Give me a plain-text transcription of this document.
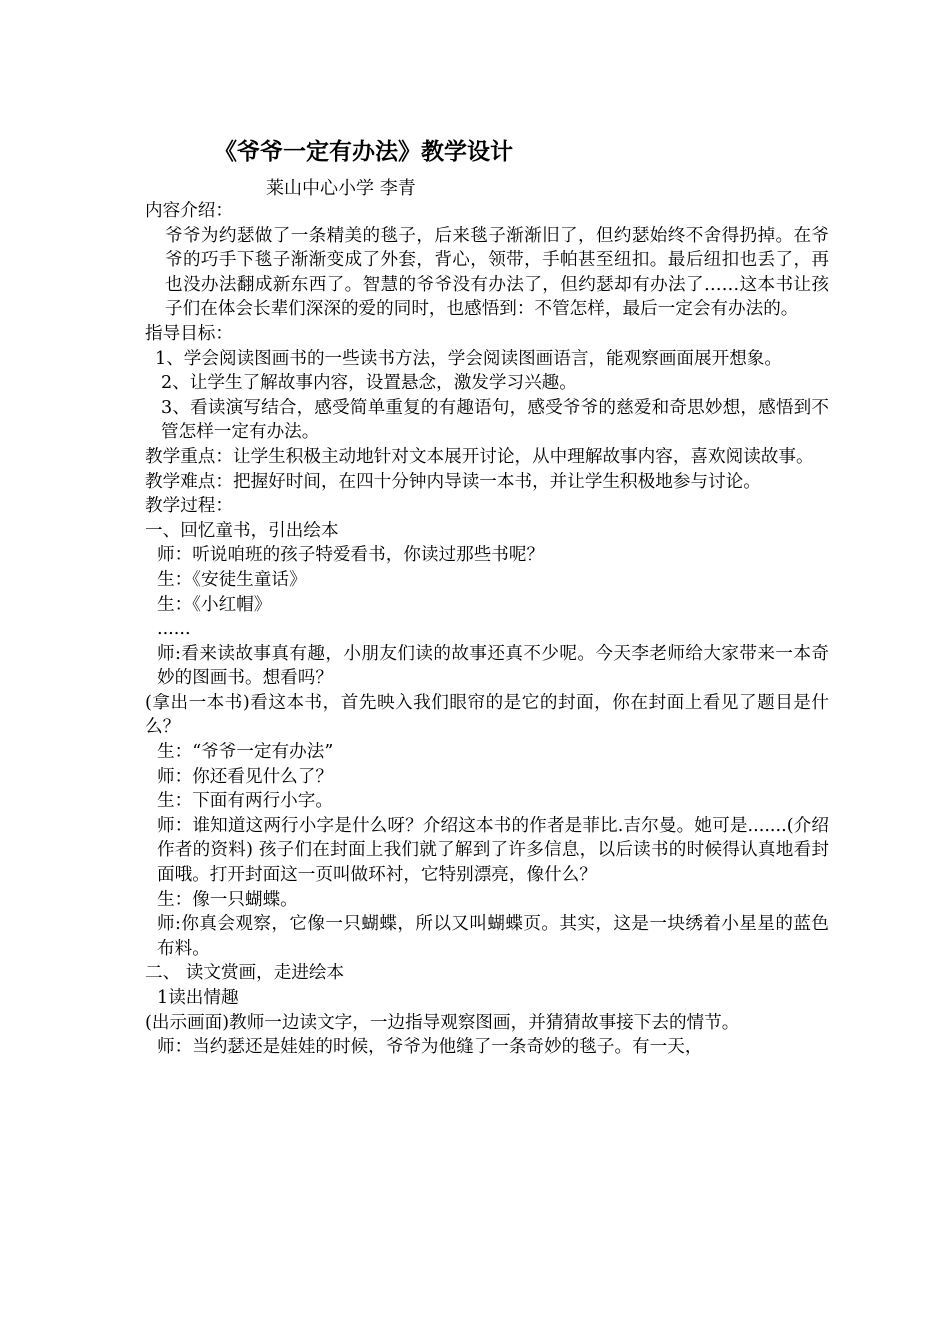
《爷爷一定有办法》教学设计
莱山中心小学 李青

内容介绍：

爷爷为约瑟做了一条精美的毯子，后来毯子渐渐旧了，但约瑟始终不舍得扔掉。在爷爷的巧手下毯子渐渐变成了外套，背心，领带，手帕甚至纽扣。最后纽扣也丢了，再也没办法翻成新东西了。智慧的爷爷没有办法了，但约瑟却有办法了……这本书让孩子们在体会长辈们深深的爱的同时，也感悟到：不管怎样，最后一定会有办法的。

指导目标：

1、学会阅读图画书的一些读书方法，学会阅读图画语言，能观察画面展开想象。

2、让学生了解故事内容，设置悬念，激发学习兴趣。

3、看读演写结合，感受简单重复的有趣语句，感受爷爷的慈爱和奇思妙想，感悟到不管怎样一定有办法。

教学重点：让学生积极主动地针对文本展开讨论，从中理解故事内容，喜欢阅读故事。

教学难点：把握好时间，在四十分钟内导读一本书，并让学生积极地参与讨论。

教学过程：

一、回忆童书，引出绘本

师：听说咱班的孩子特爱看书，你读过那些书呢？

生：《安徒生童话》

生：《小红帽》

......

师:看来读故事真有趣，小朋友们读的故事还真不少呢。今天李老师给大家带来一本奇妙的图画书。想看吗？

(拿出一本书)看这本书，首先映入我们眼帘的是它的封面，你在封面上看见了题目是什么？

生：“爷爷一定有办法”

师：你还看见什么了？

生：下面有两行小字。

师：谁知道这两行小字是什么呀？介绍这本书的作者是菲比.吉尔曼。她可是.......(介绍作者的资料) 孩子们在封面上我们就了解到了许多信息，以后读书的时候得认真地看封面哦。打开封面这一页叫做环衬，它特别漂亮，像什么？

生：像一只蝴蝶。

师:你真会观察，它像一只蝴蝶，所以又叫蝴蝶页。其实，这是一块绣着小星星的蓝色布料。

二、 读文赏画，走进绘本

1读出情趣

(出示画面)教师一边读文字，一边指导观察图画，并猜猜故事接下去的情节。

师：当约瑟还是娃娃的时候，爷爷为他缝了一条奇妙的毯子。有一天，
